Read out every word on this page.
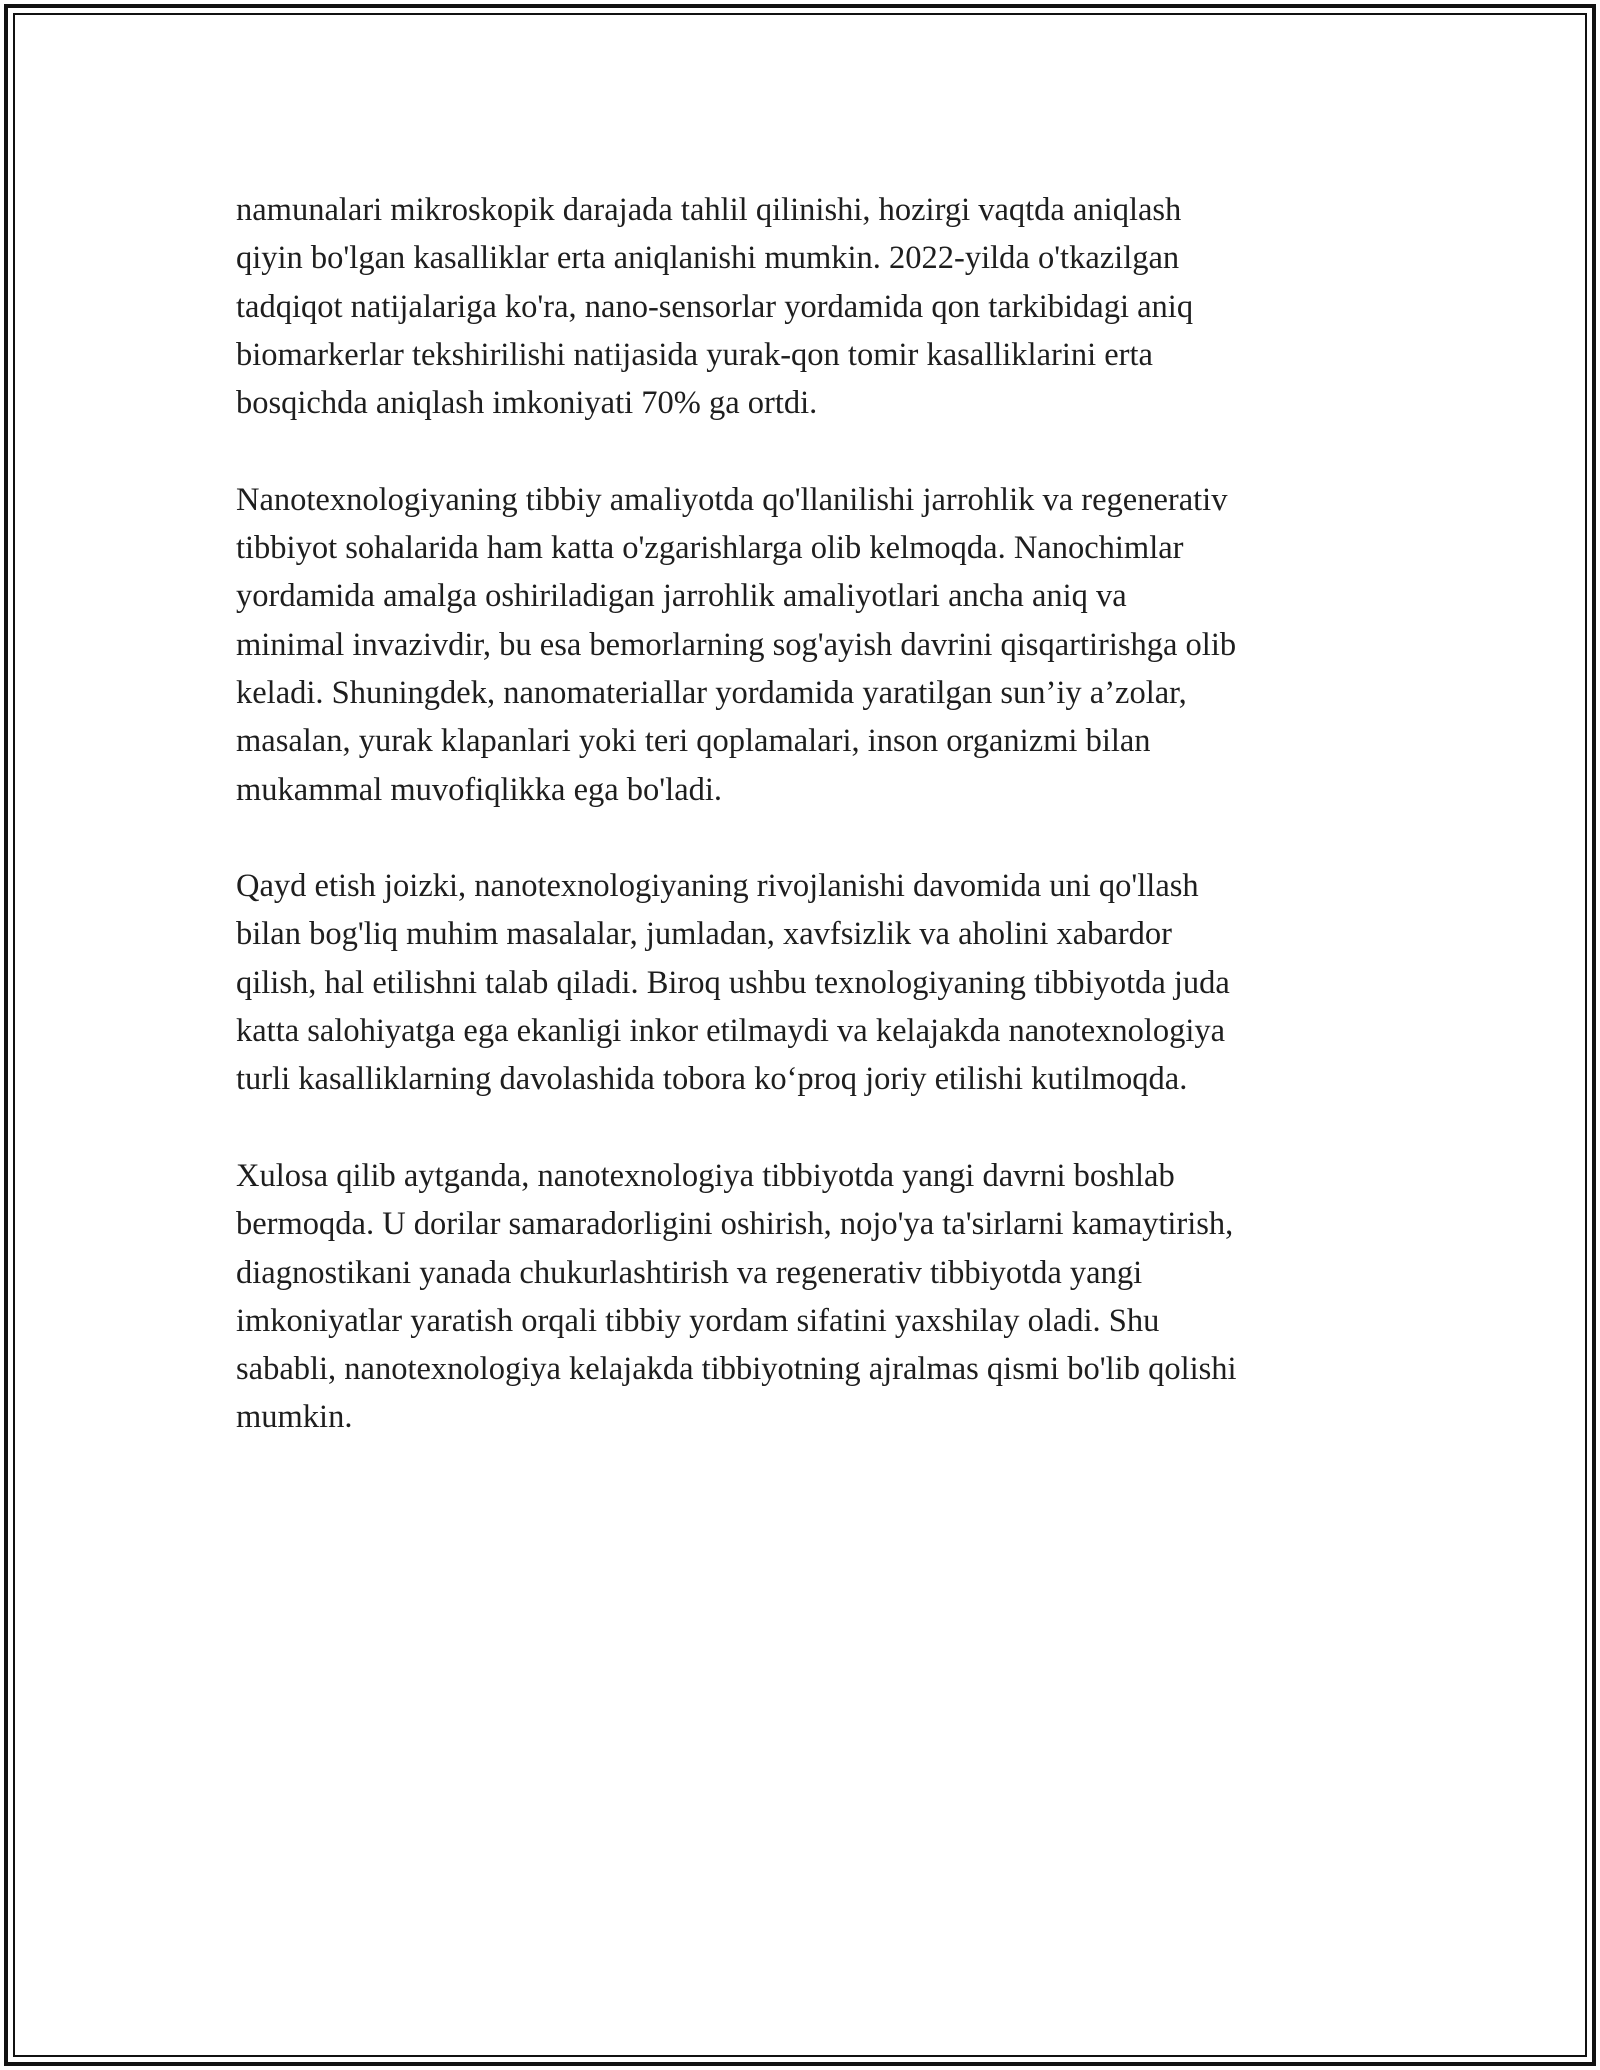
namunalari mikroskopik darajada tahlil qilinishi, hozirgi vaqtda aniqlash
qiyin bo'lgan kasalliklar erta aniqlanishi mumkin. 2022-yilda o'tkazilgan
tadqiqot natijalariga ko'ra, nano-sensorlar yordamida qon tarkibidagi aniq
biomarkerlar tekshirilishi natijasida yurak-qon tomir kasalliklarini erta
bosqichda aniqlash imkoniyati 70% ga ortdi.

Nanotexnologiyaning tibbiy amaliyotda qo'llanilishi jarrohlik va regenerativ
tibbiyot sohalarida ham katta o'zgarishlarga olib kelmoqda. Nanochimlar
yordamida amalga oshiriladigan jarrohlik amaliyotlari ancha aniq va
minimal invazivdir, bu esa bemorlarning sog'ayish davrini qisqartirishga olib
keladi. Shuningdek, nanomateriallar yordamida yaratilgan sun’iy a’zolar,
masalan, yurak klapanlari yoki teri qoplamalari, inson organizmi bilan
mukammal muvofiqlikka ega bo'ladi.

Qayd etish joizki, nanotexnologiyaning rivojlanishi davomida uni qo'llash
bilan bog'liq muhim masalalar, jumladan, xavfsizlik va aholini xabardor
qilish, hal etilishni talab qiladi. Biroq ushbu texnologiyaning tibbiyotda juda
katta salohiyatga ega ekanligi inkor etilmaydi va kelajakda nanotexnologiya
turli kasalliklarning davolashida tobora ko‘proq joriy etilishi kutilmoqda.

Xulosa qilib aytganda, nanotexnologiya tibbiyotda yangi davrni boshlab
bermoqda. U dorilar samaradorligini oshirish, nojo'ya ta'sirlarni kamaytirish,
diagnostikani yanada chukurlashtirish va regenerativ tibbiyotda yangi
imkoniyatlar yaratish orqali tibbiy yordam sifatini yaxshilay oladi. Shu
sababli, nanotexnologiya kelajakda tibbiyotning ajralmas qismi bo'lib qolishi
mumkin.
